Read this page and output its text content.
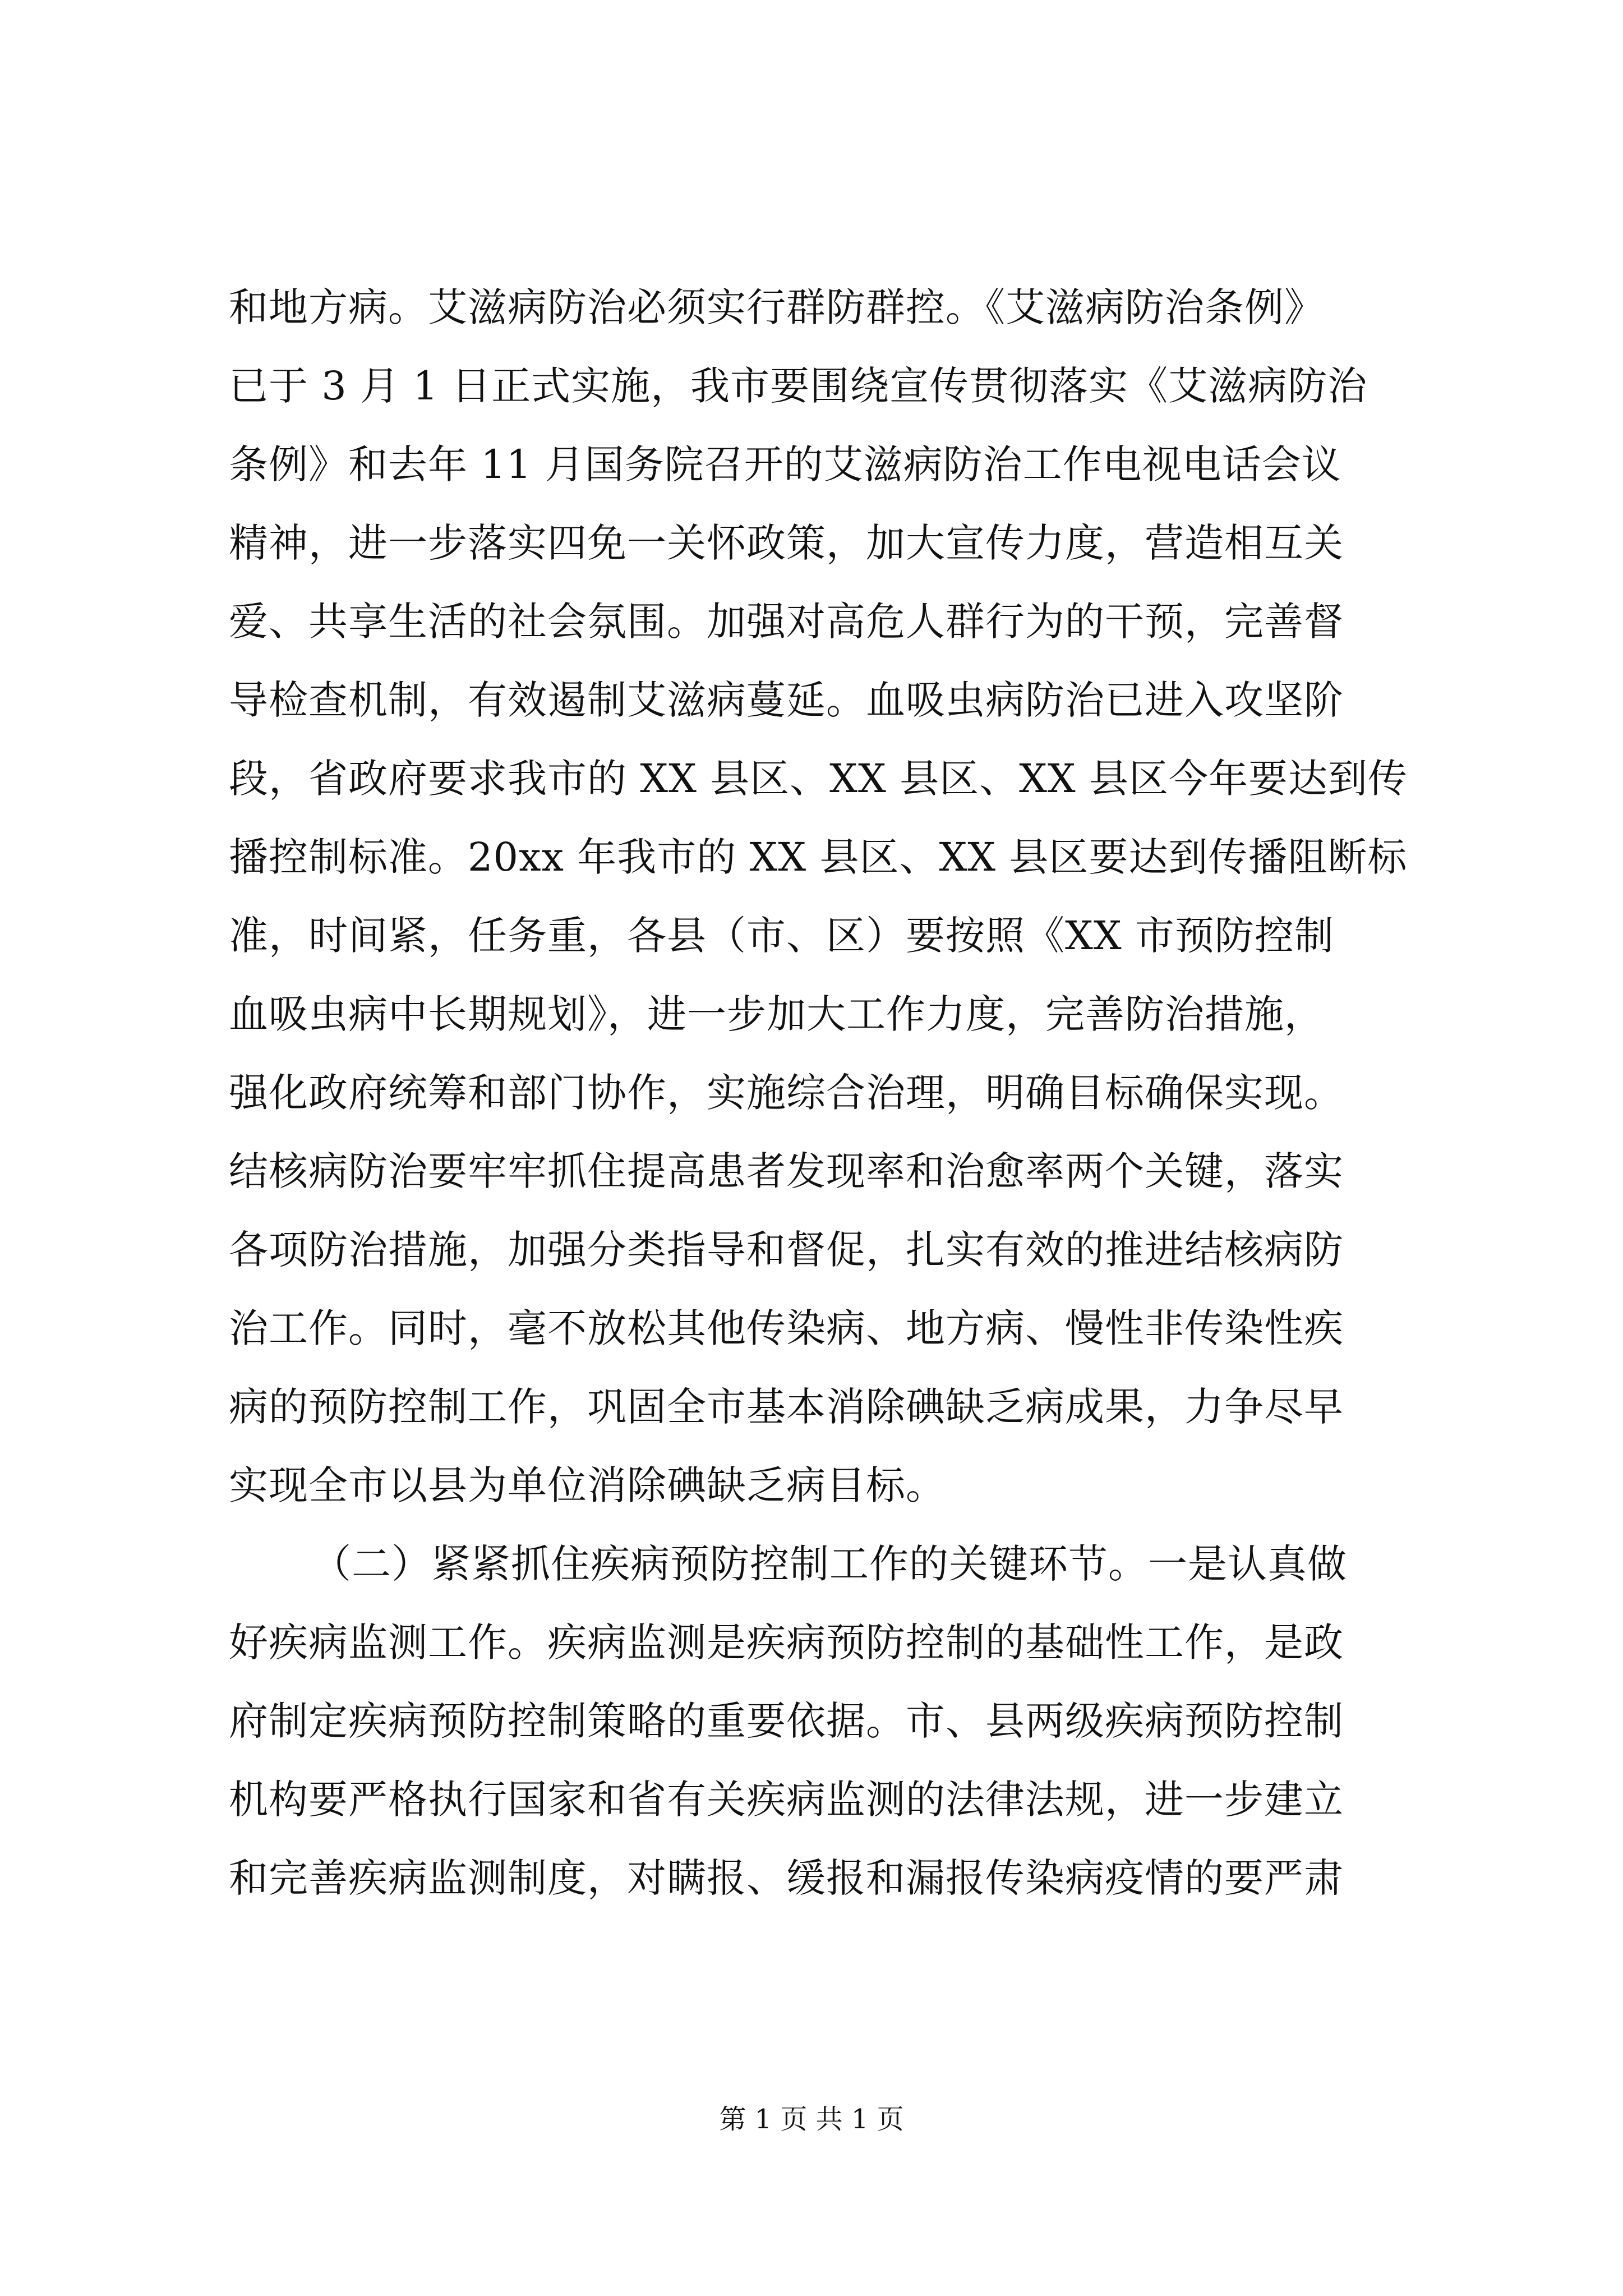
和地方病。艾滋病防治必须实行群防群控。《艾滋病防治条例》
已于 3 月 1 日正式实施，我市要围绕宣传贯彻落实《艾滋病防治
条例》和去年 11 月国务院召开的艾滋病防治工作电视电话会议
精神，进一步落实四免一关怀政策，加大宣传力度，营造相互关
爱、共享生活的社会氛围。加强对高危人群行为的干预，完善督
导检查机制，有效遏制艾滋病蔓延。血吸虫病防治已进入攻坚阶
段，省政府要求我市的 XX 县区、XX 县区、XX 县区今年要达到传
播控制标准。20xx 年我市的 XX 县区、XX 县区要达到传播阻断标
准，时间紧，任务重，各县（市、区）要按照《XX 市预防控制
血吸虫病中长期规划》，进一步加大工作力度，完善防治措施，
强化政府统筹和部门协作，实施综合治理，明确目标确保实现。
结核病防治要牢牢抓住提高患者发现率和治愈率两个关键，落实
各项防治措施，加强分类指导和督促，扎实有效的推进结核病防
治工作。同时，毫不放松其他传染病、地方病、慢性非传染性疾
病的预防控制工作，巩固全市基本消除碘缺乏病成果，力争尽早
实现全市以县为单位消除碘缺乏病目标。
（二）紧紧抓住疾病预防控制工作的关键环节。一是认真做
好疾病监测工作。疾病监测是疾病预防控制的基础性工作，是政
府制定疾病预防控制策略的重要依据。市、县两级疾病预防控制
机构要严格执行国家和省有关疾病监测的法律法规，进一步建立
和完善疾病监测制度，对瞒报、缓报和漏报传染病疫情的要严肃
第 1 页 共 1 页
